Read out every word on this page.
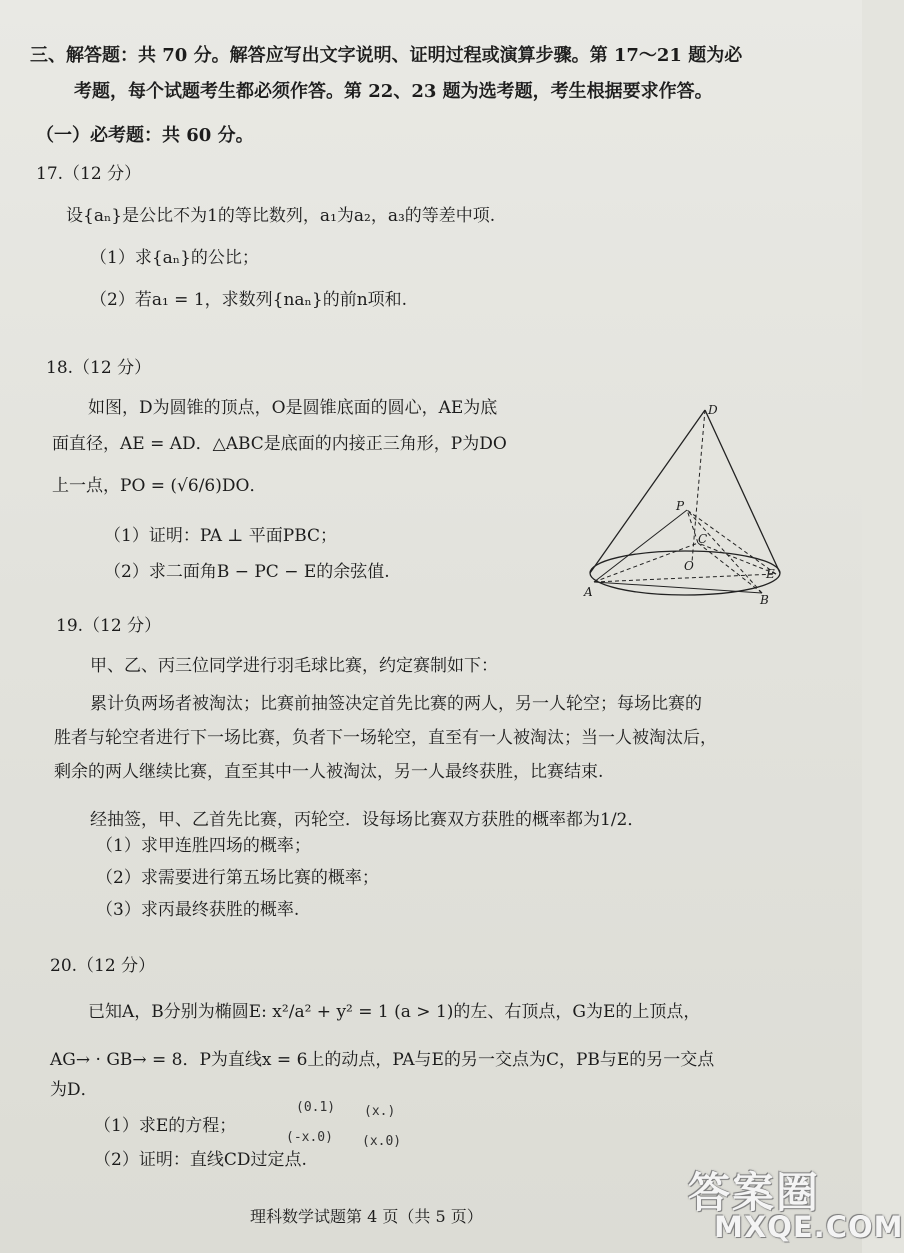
三、解答题：共 70 分。解答应写出文字说明、证明过程或演算步骤。第 17～21 题为必
考题，每个试题考生都必须作答。第 22、23 题为选考题，考生根据要求作答。
（一）必考题：共 60 分。
17.（12 分）
设{aₙ}是公比不为1的等比数列，a₁为a₂，a₃的等差中项.
（1）求{aₙ}的公比；
（2）若a₁ = 1，求数列{naₙ}的前n项和.
18.（12 分）
如图，D为圆锥的顶点，O是圆锥底面的圆心，AE为底
面直径，AE = AD．△ABC是底面的内接正三角形，P为DO
上一点，PO = (√6/6)DO．
（1）证明：PA ⊥ 平面PBC；
（2）求二面角B − PC − E的余弦值.
D
P
C
O
E
A
B
19.（12 分）
甲、乙、丙三位同学进行羽毛球比赛，约定赛制如下：
累计负两场者被淘汰；比赛前抽签决定首先比赛的两人，另一人轮空；每场比赛的
胜者与轮空者进行下一场比赛，负者下一场轮空，直至有一人被淘汰；当一人被淘汰后，
剩余的两人继续比赛，直至其中一人被淘汰，另一人最终获胜，比赛结束.
经抽签，甲、乙首先比赛，丙轮空．设每场比赛双方获胜的概率都为1/2．
（1）求甲连胜四场的概率；
（2）求需要进行第五场比赛的概率；
（3）求丙最终获胜的概率.
20.（12 分）
已知A，B分别为椭圆E: x²/a² + y² = 1 (a > 1)的左、右顶点，G为E的上顶点，
AG→ · GB→ = 8．P为直线x = 6上的动点，PA与E的另一交点为C，PB与E的另一交点
为D．
（1）求E的方程；
（2）证明：直线CD过定点.
(0.1) (x.)
(-x.0) (x.0)
理科数学试题第 4 页（共 5 页）	答案圈
MXQE.COM
